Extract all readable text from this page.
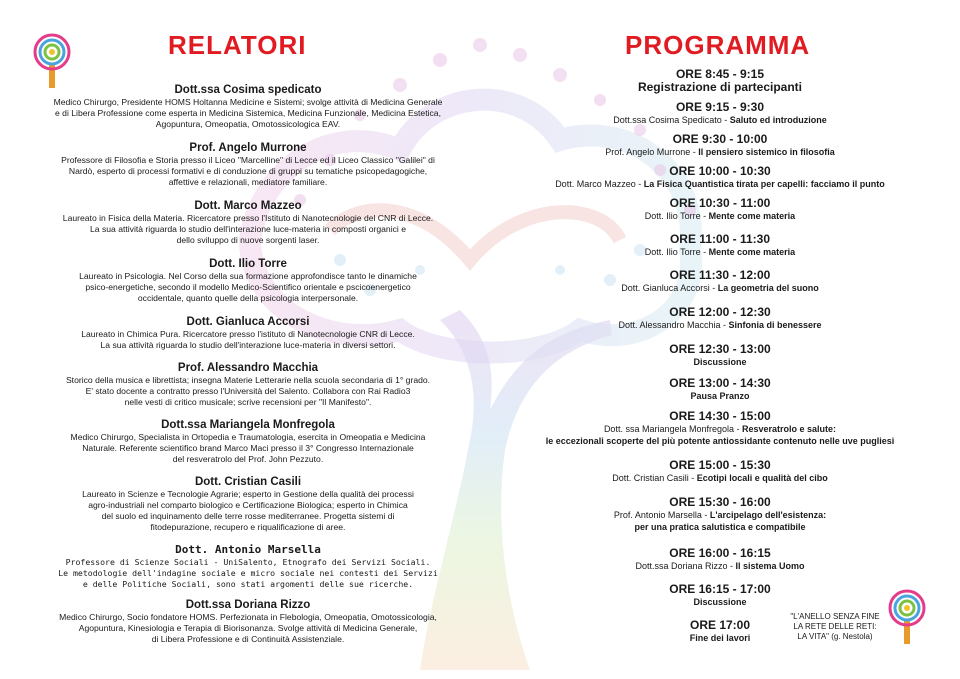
RELATORI
Dott.ssa Cosima spedicato
Medico Chirurgo, Presidente HOMS Holtanna Medicine e Sistemi; svolge attività di Medicina Generale
e di Libera Professione come esperta in Medicina Sistemica, Medicina Funzionale, Medicina Estetica,
Agopuntura, Omeopatia, Omotossicologica EAV.
Prof. Angelo Murrone
Professore di Filosofia e Storia presso il Liceo "Marcelline" di Lecce ed il Liceo Classico "Galilei" di
Nardò, esperto di processi formativi e di conduzione di gruppi su tematiche psicopedagogiche,
affettive e relazionali, mediatore familiare.
Dott. Marco Mazzeo
Laureato in Fisica della Materia. Ricercatore presso l'Istituto di Nanotecnologie del CNR di Lecce.
La sua attività riguarda lo studio dell'interazione luce-materia in composti organici e
dello sviluppo di nuove sorgenti laser.
Dott. Ilio Torre
Laureato in Psicologia. Nel Corso della sua formazione approfondisce tanto le dinamiche
psico-energetiche, secondo il modello Medico-Scientifico orientale e pscicoenergetico
occidentale, quanto quelle della psicologia interpersonale.
Dott. Gianluca Accorsi
Laureato in Chimica Pura. Ricercatore presso l'istituto di Nanotecnologie CNR di Lecce.
La sua attività riguarda lo studio dell'interazione luce-materia in diversi settori.
Prof. Alessandro Macchia
Storico della musica e librettista; insegna Materie Letterarie nella scuola secondaria di 1° grado.
E' stato docente a contratto presso l'Università del Salento. Collabora con Rai Radio3
nelle vesti di critico musicale; scrive recensioni per "Il Manifesto".
Dott.ssa Mariangela Monfregola
Medico Chirurgo, Specialista in Ortopedia e Traumatologia, esercita in Omeopatia e Medicina
Naturale. Referente scientifico brand Marco Maci presso il 3° Congresso Internazionale
del resveratrolo del Prof. John Pezzuto.
Dott. Cristian Casili
Laureato in Scienze e Tecnologie Agrarie; esperto in Gestione della qualità dei processi
agro-industriali nel comparto biologico e Certificazione Biologica; esperto in Chimica
del suolo ed inquinamento delle terre rosse mediterranee. Progetta sistemi di
fitodepurazione, recupero e riqualificazione di aree.
Dott. Antonio Marsella
Professore di Scienze Sociali - UniSalento, Etnografo dei Servizi Sociali.
Le metodologie dell'indagine sociale e micro sociale nei contesti dei Servizi
e delle Politiche Sociali, sono stati argomenti delle sue ricerche.
Dott.ssa Doriana Rizzo
Medico Chirurgo, Socio fondatore HOMS. Perfezionata in Flebologia, Omeopatia, Omotossicologia,
Agopuntura, Kinesiologia e Terapia di Biorisonanza. Svolge attività di Medicina Generale,
di Libera Professione e di Continuità Assistenziale.
PROGRAMMA
ORE 8:45 - 9:15
Registrazione di partecipanti
ORE 9:15 - 9:30
Dott.ssa Cosima Spedicato - Saluto ed introduzione
ORE 9:30 - 10:00
Prof. Angelo Murrone - Il pensiero sistemico in filosofia
ORE 10:00 - 10:30
Dott. Marco Mazzeo - La Fisica Quantistica tirata per capelli: facciamo il punto
ORE 10:30 - 11:00
Dott. Ilio Torre - Mente come materia
ORE 11:00 - 11:30
Dott. Ilio Torre - Mente come materia
ORE 11:30 - 12:00
Dott. Gianluca Accorsi - La geometria del suono
ORE 12:00 - 12:30
Dott. Alessandro Macchia - Sinfonia di benessere
ORE 12:30 - 13:00
Discussione
ORE 13:00 - 14:30
Pausa Pranzo
ORE 14:30 - 15:00
Dott. ssa Mariangela Monfregola - Resveratrolo e salute:
le eccezionali scoperte del più potente antiossidante contenuto nelle uve pugliesi
ORE 15:00 - 15:30
Dott. Cristian Casili - Ecotipi locali e qualità del cibo
ORE 15:30 - 16:00
Prof. Antonio Marsella - L'arcipelago dell'esistenza:
per una pratica salutistica e compatibile
ORE 16:00 - 16:15
Dott.ssa Doriana Rizzo - Il sistema Uomo
ORE 16:15 - 17:00
Discussione
ORE 17:00
Fine dei lavori
"L'ANELLO SENZA FINE
LA RETE DELLE RETI:
LA VITA" (g. Nestola)
